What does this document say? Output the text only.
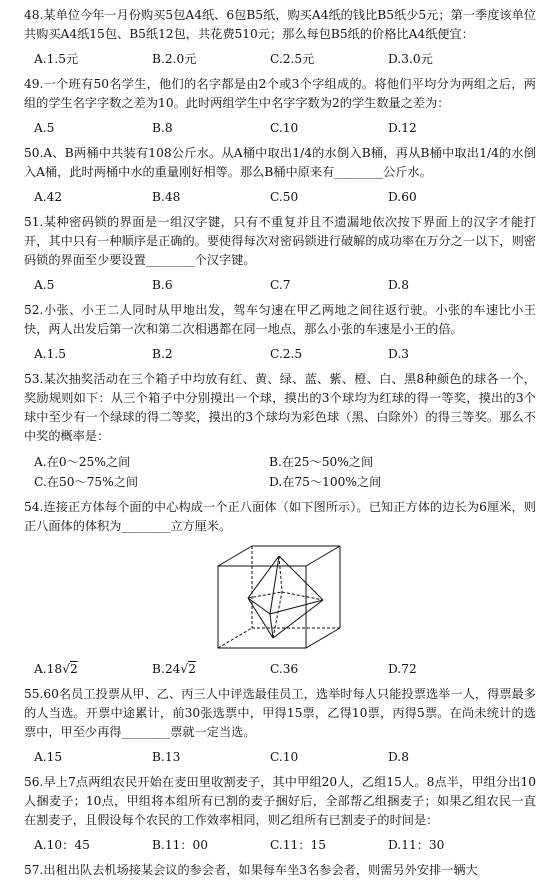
48.某单位今年一月份购买5包A4纸、6包B5纸，购买A4纸的钱比B5纸少5元；第一季度该单位共购买A4纸15包、B5纸12包，共花费510元；那么每包B5纸的价格比A4纸便宜：

A.1.5元	B.2.0元	C.2.5元	D.3.0元

49.一个班有50名学生，他们的名字都是由2个或3个字组成的。将他们平均分为两组之后，两组的学生名字字数之差为10。此时两组学生中名字字数为2的学生数量之差为：

A.5	B.8	C.10	D.12

50.A、B两桶中共装有108公斤水。从A桶中取出1/4的水倒入B桶，再从B桶中取出1/4的水倒入A桶，此时两桶中水的重量刚好相等。那么B桶中原来有________公斤水。

A.42	B.48	C.50	D.60

51.某种密码锁的界面是一组汉字键，只有不重复并且不遗漏地依次按下界面上的汉字才能打开，其中只有一种顺序是正确的。要使得每次对密码锁进行破解的成功率在万分之一以下，则密码锁的界面至少要设置________个汉字键。

A.5	B.6	C.7	D.8

52.小张、小王二人同时从甲地出发，驾车匀速在甲乙两地之间往返行驶。小张的车速比小王快，两人出发后第一次和第二次相遇都在同一地点，那么小张的车速是小王的倍。

A.1.5	B.2	C.2.5	D.3

53.某次抽奖活动在三个箱子中均放有红、黄、绿、蓝、紫、橙、白、黑8种颜色的球各一个，奖励规则如下：从三个箱子中分别摸出一个球，摸出的3个球均为红球的得一等奖，摸出的3个球中至少有一个绿球的得二等奖，摸出的3个球均为彩色球（黑、白除外）的得三等奖。那么不中奖的概率是：

A.在0～25%之间	B.在25～50%之间
C.在50～75%之间	D.在75～100%之间

54.连接正方体每个面的中心构成一个正八面体（如下图所示）。已知正方体的边长为6厘米，则正八面体的体积为________立方厘米。

A.18√2	B.24√2	C.36	D.72

55.60名员工投票从甲、乙、丙三人中评选最佳员工，选举时每人只能投票选举一人，得票最多的人当选。开票中途累计，前30张选票中，甲得15票，乙得10票，丙得5票。在尚未统计的选票中，甲至少再得________票就一定当选。

A.15	B.13	C.10	D.8

56.早上7点两组农民开始在麦田里收割麦子，其中甲组20人，乙组15人。8点半，甲组分出10人捆麦子；10点，甲组将本组所有已割的麦子捆好后，全部帮乙组捆麦子；如果乙组农民一直在割麦子，且假设每个农民的工作效率相同，则乙组所有已割麦子的时间是：

A.10：45	B.11：00	C.11：15	D.11：30

57.出租出队去机场接某会议的参会者，如果每车坐3名参会者，则需另外安排一辆大
